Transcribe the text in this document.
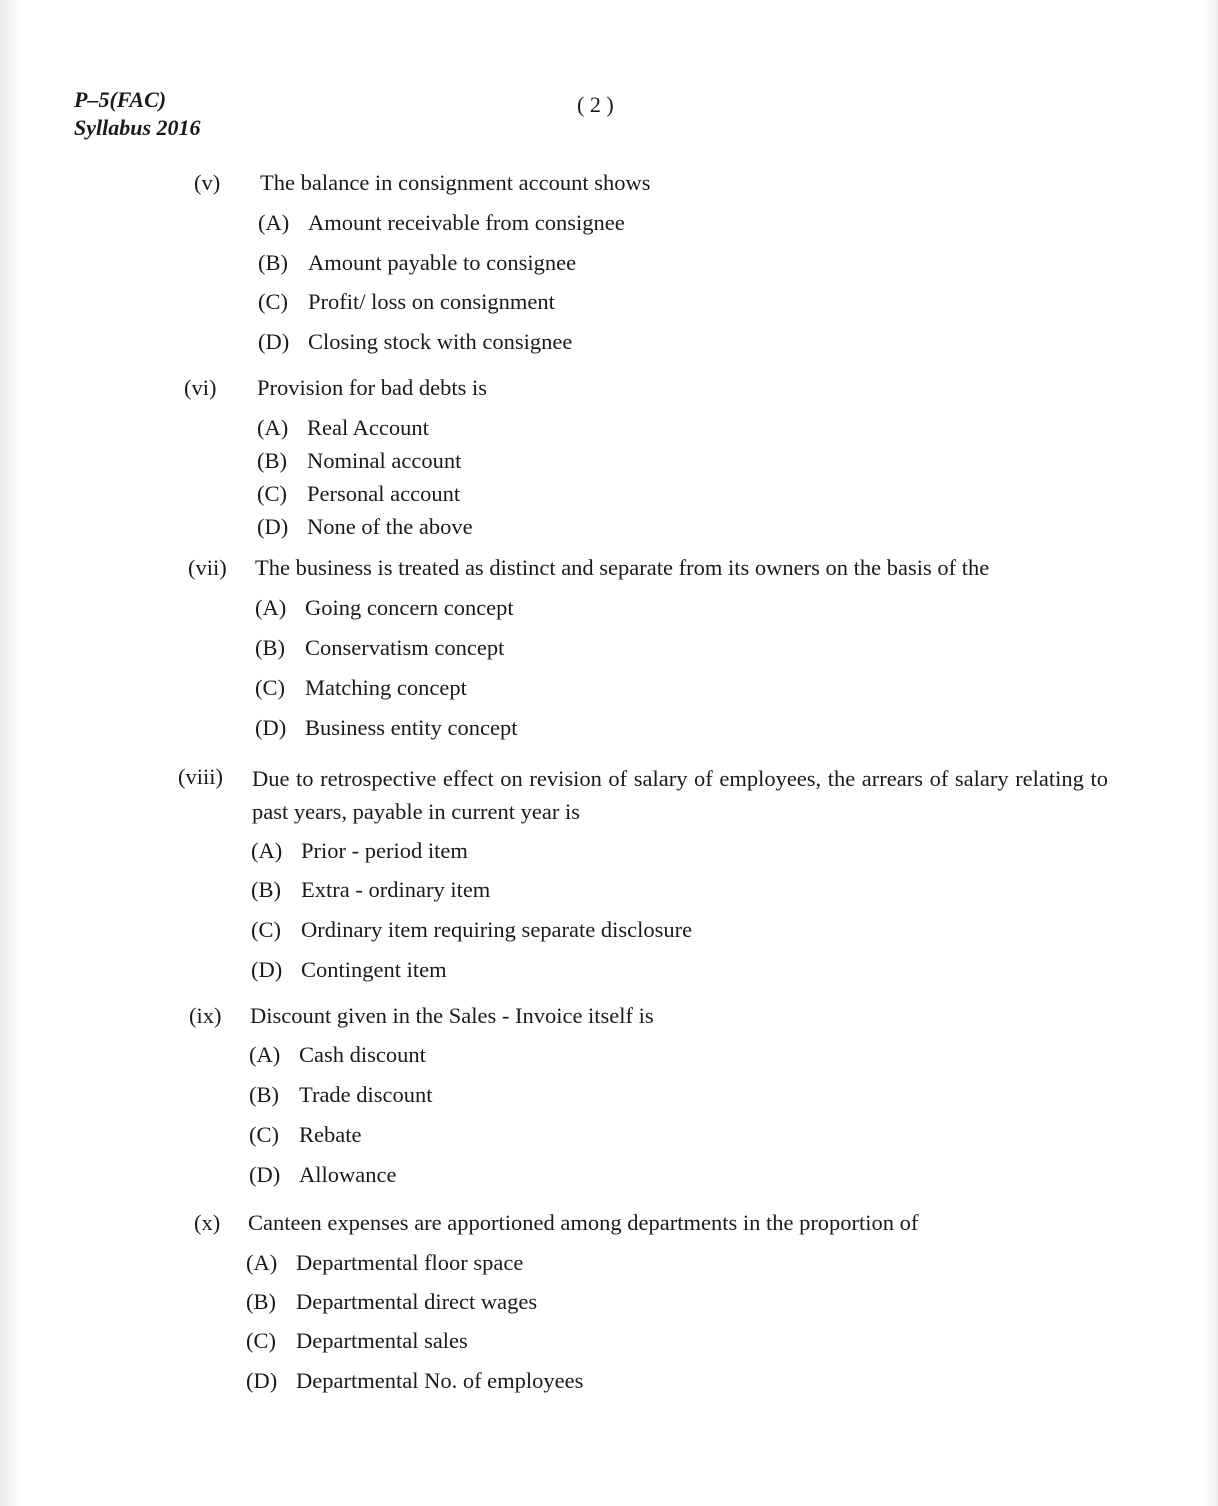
P–5(FAC)
Syllabus 2016
( 2 )
(v) The balance in consignment account shows
(A) Amount receivable from consignee
(B) Amount payable to consignee
(C) Profit/ loss on consignment
(D) Closing stock with consignee
(vi) Provision for bad debts is
(A) Real Account
(B) Nominal account
(C) Personal account
(D) None of the above
(vii) The business is treated as distinct and separate from its owners on the basis of the
(A) Going concern concept
(B) Conservatism concept
(C) Matching concept
(D) Business entity concept
(viii) Due to retrospective effect on revision of salary of employees, the arrears of salary relating to past years, payable in current year is
(A) Prior - period item
(B) Extra - ordinary item
(C) Ordinary item requiring separate disclosure
(D) Contingent item
(ix) Discount given in the Sales - Invoice itself is
(A) Cash discount
(B) Trade discount
(C) Rebate
(D) Allowance
(x) Canteen expenses are apportioned among departments in the proportion of
(A) Departmental floor space
(B) Departmental direct wages
(C) Departmental sales
(D) Departmental No. of employees
